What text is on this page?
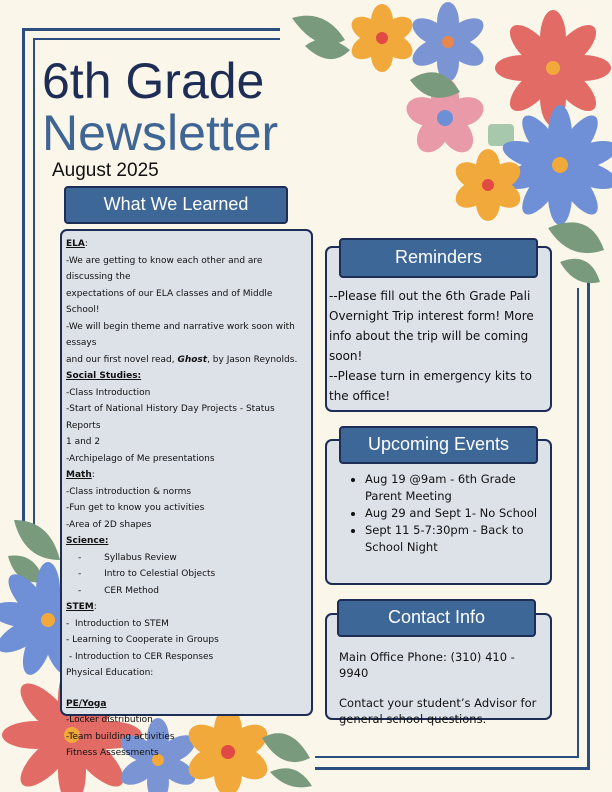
6th Grade
Newsletter
August 2025
What We Learned
ELA:
-We are getting to know each other and are discussing the
expectations of our ELA classes and of Middle School!
-We will begin theme and narrative work soon with essays
and our first novel read, Ghost, by Jason Reynolds.
Social Studies:
-Class Introduction
-Start of National History Day Projects - Status Reports
1 and 2
-Archipelago of Me presentations
Math:
-Class introduction & norms
-Fun get to know you activities
-Area of 2D shapes
Science:
-        Syllabus Review
-        Intro to Celestial Objects
-        CER Method
STEM:
-  Introduction to STEM
- Learning to Cooperate in Groups
- Introduction to CER Responses
Physical Education:
PE/Yoga
-Locker distribution
-Team building activities
Fitness Assessments
--Please fill out the 6th Grade Pali Overnight Trip interest form! More info about the trip will be coming soon!
--Please turn in emergency kits to the office!
Reminders
• Aug 19 @9am - 6th Grade Parent Meeting
• Aug 29 and Sept 1- No School
• Sept 11 5-7:30pm - Back to School Night
Upcoming Events
Main Office Phone: (310) 410 - 9940
Contact your student’s Advisor for general school questions.
Contact Info
